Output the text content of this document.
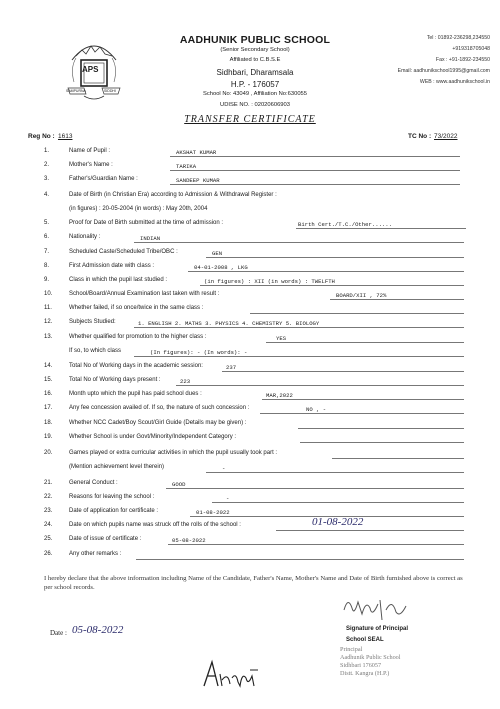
APS
SAMPURNA	SIDDHI
AADHUNIK PUBLIC SCHOOL
(Senior Secondary School)
Affiliated to C.B.S.E
Sidhbari, Dharamsala
H.P. - 176057
School No: 43049 , Affiliation No:630055
UDISE NO. : 02020606903
Tel : 01892-236298,234550
+919318705048
Fax : +91-1892-234550
Email: aadhunikschool1995@gmail.com
WEB : www.aadhunikschool.in
TRANSFER CERTIFICATE
Reg No : 1613	TC No : 73/2022
1.	Name of Pupil :	AKSHAT KUMAR
2.	Mother's Name :	TARIKA
3.	Father's/Guardian Name :	SANDEEP KUMAR
4.	Date of Birth (in Christian Era) according to Admission & Withdrawal Register :
(in figures) : 20-05-2004 (in words) : May 20th, 2004
5.	Proof for Date of Birth submitted at the time of admission :	Birth Cert./T.C./Other......
6.	Nationality :	INDIAN
7.	Scheduled Caste/Scheduled Tribe/OBC :	GEN
8.	First Admission date with class :	04-01-2008 , LKG
9.	Class in which the pupil last studied :	(in figures) : XII (in words) : TWELFTH
10.	School/Board/Annual Examination last taken with result :	BOARD/XII , 72%
11.	Whether failed, if so once/twice in the same class :
12.	Subjects Studied:	1. ENGLISH 2. MATHS 3. PHYSICS 4. CHEMISTRY 5. BIOLOGY
13.	Whether qualified for promotion to the higher class :	YES
If so, to which class	(In figures): - (In words): -
14.	Total No of Working days in the academic session:	237
15.	Total No of Working days present :	223
16.	Month upto which the pupil has paid school dues :	MAR,2022
17.	Any fee concession availed of. If so, the nature of such concession :	NO , -
18.	Whether NCC Cadet/Boy Scout/Girl Guide (Details may be given) :
19.	Whether School is under Govt/Minority/Independent Category :
20.	Games played or extra curricular activities in which the pupil usually took part :
(Mention achievement level therein)	-
21.	General Conduct :	GOOD
22.	Reasons for leaving the school :	-
23.	Date of application for certificate :	01-08-2022
24.	Date on which pupils name was struck off the rolls of the school :
25.	Date of issue of certificate :	05-08-2022
26.	Any other remarks :
01-08-2022
I hereby declare that the above information including Name of the Candidate, Father's Name, Mother's Name and Date of Birth furnished above is correct as per school records.
Date : 05-08-2022	Signature of Principal
School SEAL
Principal
Aadhunik Public School
Sidhbari 176057
Distt. Kangra (H.P.)
